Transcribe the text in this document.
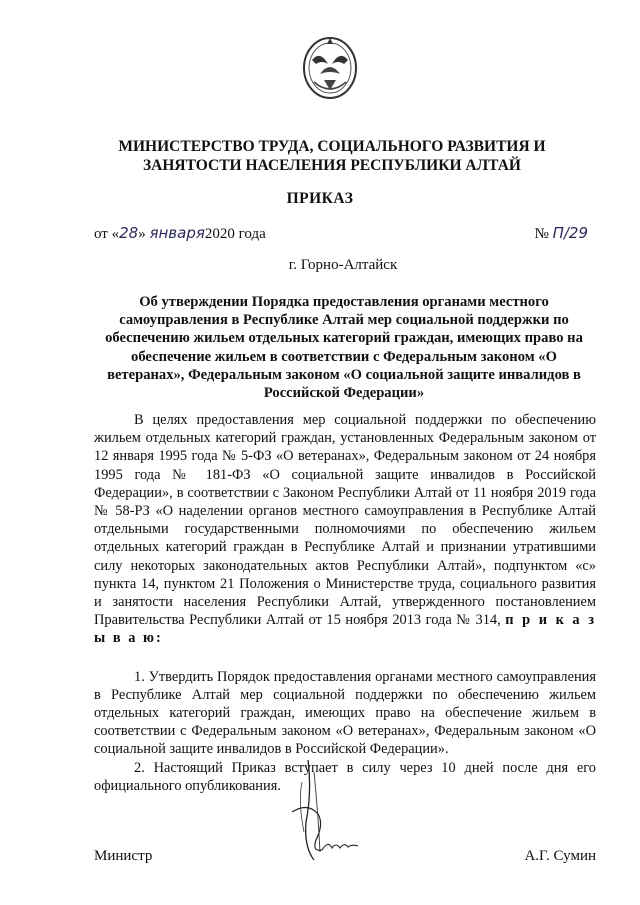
МИНИСТЕРСТВО ТРУДА, СОЦИАЛЬНОГО РАЗВИТИЯ И
ЗАНЯТОСТИ НАСЕЛЕНИЯ РЕСПУБЛИКИ АЛТАЙ
ПРИКАЗ
от «28» января2020 года	№ П/29
г. Горно-Алтайск
Об утверждении Порядка предоставления органами местного самоуправления в Республике Алтай мер социальной поддержки по обеспечению жильем отдельных категорий граждан, имеющих право на обеспечение жильем в соответствии с Федеральным законом «О ветеранах», Федеральным законом «О социальной защите инвалидов в Российской Федерации»

В целях предоставления мер социальной поддержки по обеспечению жильем отдельных категорий граждан, установленных Федеральным законом от 12 января 1995 года № 5-ФЗ «О ветеранах», Федеральным законом от 24 ноября 1995 года № 181-ФЗ «О социальной защите инвалидов в Российской Федерации», в соответствии с Законом Республики Алтай от 11 ноября 2019 года № 58-РЗ «О наделении органов местного самоуправления в Республике Алтай отдельными государственными полномочиями по обеспечению жильем отдельных категорий граждан в Республике Алтай и признании утратившими силу некоторых законодательных актов Республики Алтай», подпунктом «с» пункта 14, пунктом 21 Положения о Министерстве труда, социального развития и занятости населения Республики Алтай, утвержденного постановлением Правительства Республики Алтай от 15 ноября 2013 года № 314, п р и к а з ы в а ю:

1. Утвердить Порядок предоставления органами местного самоуправления в Республике Алтай мер социальной поддержки по обеспечению жильем отдельных категорий граждан, имеющих право на обеспечение жильем в соответствии с Федеральным законом «О ветеранах», Федеральным законом «О социальной защите инвалидов в Российской Федерации».

2. Настоящий Приказ вступает в силу через 10 дней после дня его официального опубликования.

Министр	А.Г. Сумин
